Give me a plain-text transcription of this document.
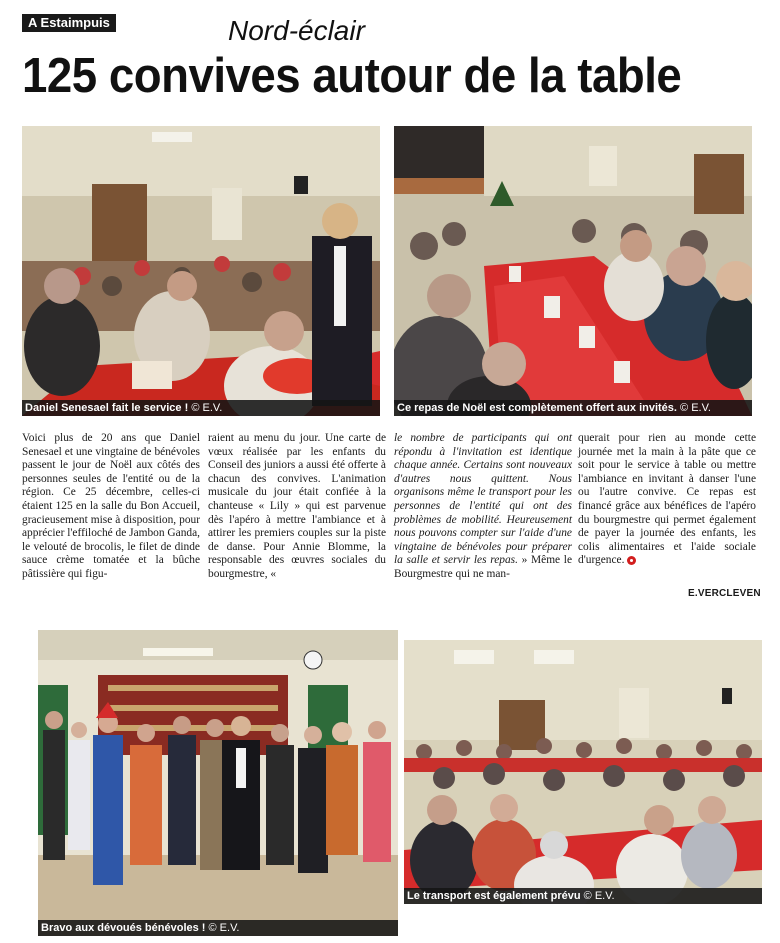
A Estaimpuis	Nord-éclair
125 convives autour de la table
Daniel Senesael fait le service ! © E.V.	Ce repas de Noël est complètement offert aux invités. © E.V.

Voici plus de 20 ans que Daniel Senesael et une vingtaine de bénévoles passent le jour de Noël aux côtés des personnes seules de l'entité ou de la région. Ce 25 décembre, celles-ci étaient 125 en la salle du Bon Accueil, gracieusement mise à disposition, pour apprécier l'effiloché de Jambon Ganda, le velouté de brocolis, le filet de dinde sauce crème tomatée et la bûche pâtissière qui figu-

raient au menu du jour. Une carte de vœux réalisée par les enfants du Conseil des juniors a aussi été offerte à chacun des convives. L'animation musicale du jour était confiée à la chanteuse « Lily » qui est parvenue dès l'apéro à mettre l'ambiance et à attirer les premiers couples sur la piste de danse. Pour Annie Blomme, la responsable des œuvres sociales du bourgmestre, «

le nombre de participants qui ont répondu à l'invitation est identique chaque année. Certains sont nouveaux d'autres nous quittent. Nous organisons même le transport pour les personnes de l'entité qui ont des problèmes de mobilité. Heureusement nous pouvons compter sur l'aide d'une vingtaine de bénévoles pour préparer la salle et servir les repas. » Même le Bourgmestre qui ne man-

querait pour rien au monde cette journée met la main à la pâte que ce soit pour le service à table ou mettre l'ambiance en invitant à danser l'une ou l'autre convive. Ce repas est financé grâce aux bénéfices de l'apéro du bourgmestre qui permet également de payer la journée des enfants, les colis alimentaires et l'aide sociale d'urgence.

E.VERCLEVEN
Bravo aux dévoués bénévoles ! © E.V.
Le transport est également prévu © E.V.
